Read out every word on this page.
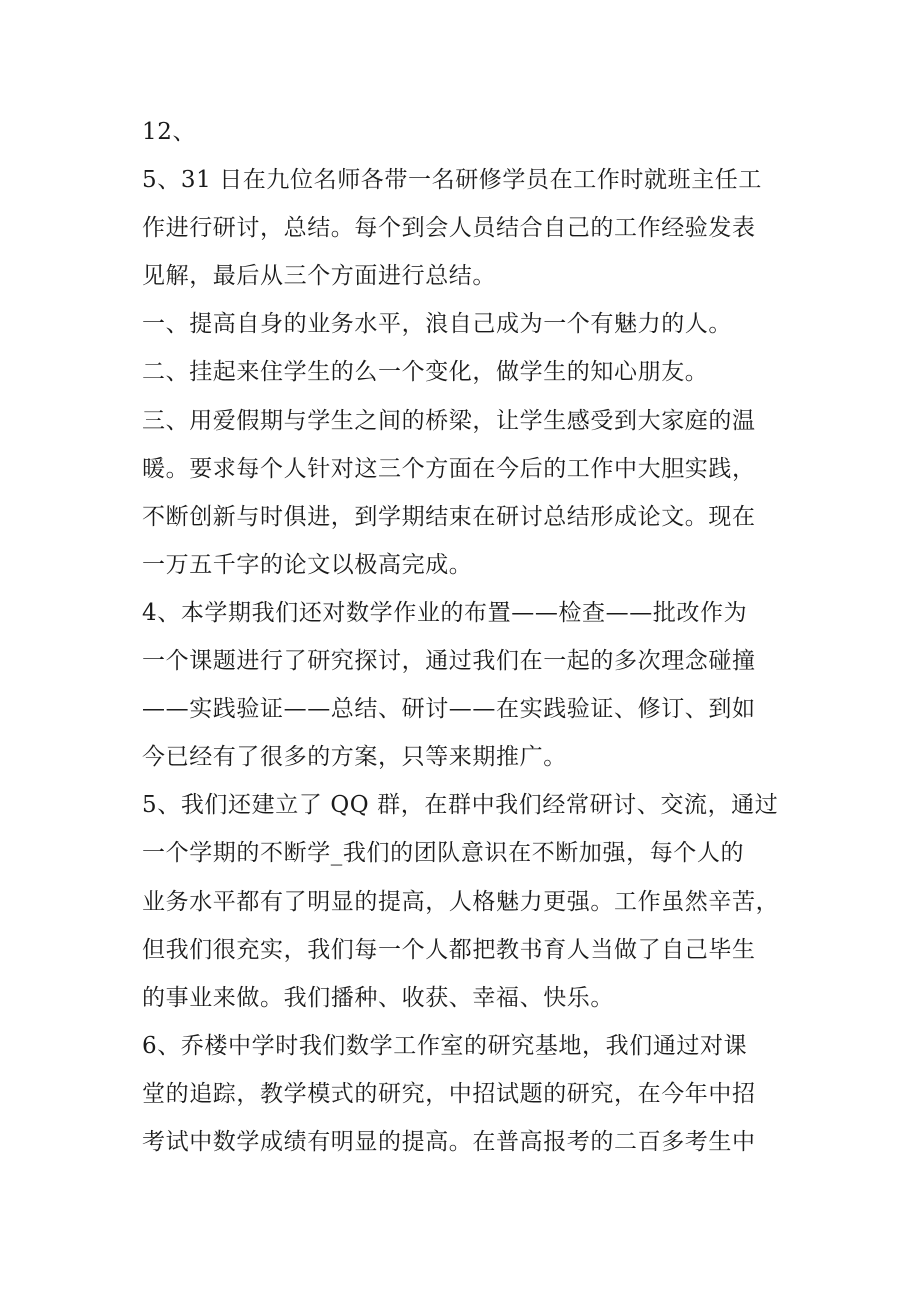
12、
5、31 日在九位名师各带一名研修学员在工作时就班主任工
作进行研讨，总结。每个到会人员结合自己的工作经验发表
见解，最后从三个方面进行总结。
一、提高自身的业务水平，浪自己成为一个有魅力的人。
二、挂起来住学生的么一个变化，做学生的知心朋友。
三、用爱假期与学生之间的桥梁，让学生感受到大家庭的温
暖。要求每个人针对这三个方面在今后的工作中大胆实践，
不断创新与时俱进，到学期结束在研讨总结形成论文。现在
一万五千字的论文以极高完成。
4、本学期我们还对数学作业的布置——检查——批改作为
一个课题进行了研究探讨，通过我们在一起的多次理念碰撞
——实践验证——总结、研讨——在实践验证、修订、到如
今已经有了很多的方案，只等来期推广。
5、我们还建立了 QQ 群，在群中我们经常研讨、交流，通过
一个学期的不断学_我们的团队意识在不断加强，每个人的
业务水平都有了明显的提高，人格魅力更强。工作虽然辛苦，
但我们很充实，我们每一个人都把教书育人当做了自己毕生
的事业来做。我们播种、收获、幸福、快乐。
6、乔楼中学时我们数学工作室的研究基地，我们通过对课
堂的追踪，教学模式的研究，中招试题的研究，在今年中招
考试中数学成绩有明显的提高。在普高报考的二百多考生中
